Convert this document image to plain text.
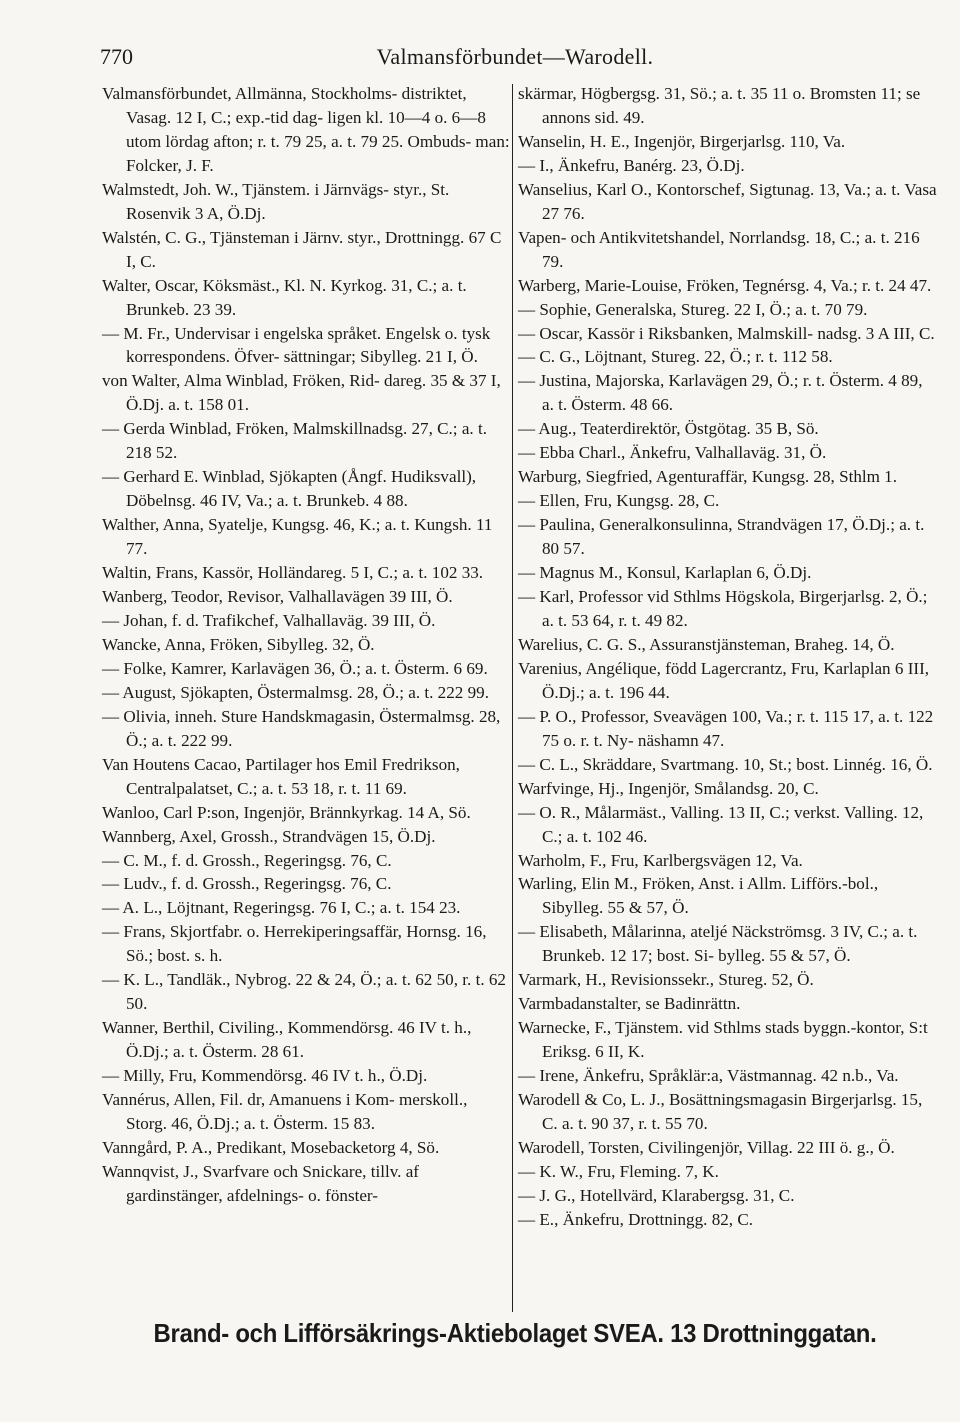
770	Valmansförbundet—Warodell.

Valmansförbundet, Allmänna, Stockholms- distriktet, Vasag. 12 I, C.; exp.-tid dag- ligen kl. 10—4 o. 6—8 utom lördag afton; r. t. 79 25, a. t. 79 25. Ombuds- man: Folcker, J. F.

Walmstedt, Joh. W., Tjänstem. i Järnvägs- styr., St. Rosenvik 3 A, Ö.Dj.

Walstén, C. G., Tjänsteman i Järnv. styr., Drottningg. 67 C I, C.

Walter, Oscar, Köksmäst., Kl. N. Kyrkog. 31, C.; a. t. Brunkeb. 23 39.

— M. Fr., Undervisar i engelska språket. Engelsk o. tysk korrespondens. Öfver- sättningar; Sibylleg. 21 I, Ö.

von Walter, Alma Winblad, Fröken, Rid- dareg. 35 & 37 I, Ö.Dj. a. t. 158 01.

— Gerda Winblad, Fröken, Malmskillnadsg. 27, C.; a. t. 218 52.

— Gerhard E. Winblad, Sjökapten (Ångf. Hudiksvall), Döbelnsg. 46 IV, Va.; a. t. Brunkeb. 4 88.

Walther, Anna, Syatelje, Kungsg. 46, K.; a. t. Kungsh. 11 77.

Waltin, Frans, Kassör, Holländareg. 5 I, C.; a. t. 102 33.

Wanberg, Teodor, Revisor, Valhallavägen 39 III, Ö.

— Johan, f. d. Trafikchef, Valhallaväg. 39 III, Ö.

Wancke, Anna, Fröken, Sibylleg. 32, Ö.

— Folke, Kamrer, Karlavägen 36, Ö.; a. t. Österm. 6 69.

— August, Sjökapten, Östermalmsg. 28, Ö.; a. t. 222 99.

— Olivia, inneh. Sture Handskmagasin, Östermalmsg. 28, Ö.; a. t. 222 99.

Van Houtens Cacao, Partilager hos Emil Fredrikson, Centralpalatset, C.; a. t. 53 18, r. t. 11 69.

Wanloo, Carl P:son, Ingenjör, Brännkyrkag. 14 A, Sö.

Wannberg, Axel, Grossh., Strandvägen 15, Ö.Dj.

— C. M., f. d. Grossh., Regeringsg. 76, C.

— Ludv., f. d. Grossh., Regeringsg. 76, C.

— A. L., Löjtnant, Regeringsg. 76 I, C.; a. t. 154 23.

— Frans, Skjortfabr. o. Herrekiperingsaffär, Hornsg. 16, Sö.; bost. s. h.

— K. L., Tandläk., Nybrog. 22 & 24, Ö.; a. t. 62 50, r. t. 62 50.

Wanner, Berthil, Civiling., Kommendörsg. 46 IV t. h., Ö.Dj.; a. t. Österm. 28 61.

— Milly, Fru, Kommendörsg. 46 IV t. h., Ö.Dj.

Vannérus, Allen, Fil. dr, Amanuens i Kom- merskoll., Storg. 46, Ö.Dj.; a. t. Österm. 15 83.

Vanngård, P. A., Predikant, Mosebacketorg 4, Sö.

Wannqvist, J., Svarfvare och Snickare, tillv. af gardinstänger, afdelnings- o. fönster-

skärmar, Högbergsg. 31, Sö.; a. t. 35 11 o. Bromsten 11; se annons sid. 49.

Wanselin, H. E., Ingenjör, Birgerjarlsg. 110, Va.

— I., Änkefru, Banérg. 23, Ö.Dj.

Wanselius, Karl O., Kontorschef, Sigtunag. 13, Va.; a. t. Vasa 27 76.

Vapen- och Antikvitetshandel, Norrlandsg. 18, C.; a. t. 216 79.

Warberg, Marie-Louise, Fröken, Tegnérsg. 4, Va.; r. t. 24 47.

— Sophie, Generalska, Stureg. 22 I, Ö.; a. t. 70 79.

— Oscar, Kassör i Riksbanken, Malmskill- nadsg. 3 A III, C.

— C. G., Löjtnant, Stureg. 22, Ö.; r. t. 112 58.

— Justina, Majorska, Karlavägen 29, Ö.; r. t. Österm. 4 89, a. t. Österm. 48 66.

— Aug., Teaterdirektör, Östgötag. 35 B, Sö.

— Ebba Charl., Änkefru, Valhallaväg. 31, Ö.

Warburg, Siegfried, Agenturaffär, Kungsg. 28, Sthlm 1.

— Ellen, Fru, Kungsg. 28, C.

— Paulina, Generalkonsulinna, Strandvägen 17, Ö.Dj.; a. t. 80 57.

— Magnus M., Konsul, Karlaplan 6, Ö.Dj.

— Karl, Professor vid Sthlms Högskola, Birgerjarlsg. 2, Ö.; a. t. 53 64, r. t. 49 82.

Warelius, C. G. S., Assuranstjänsteman, Braheg. 14, Ö.

Varenius, Angélique, född Lagercrantz, Fru, Karlaplan 6 III, Ö.Dj.; a. t. 196 44.

— P. O., Professor, Sveavägen 100, Va.; r. t. 115 17, a. t. 122 75 o. r. t. Ny- näshamn 47.

— C. L., Skräddare, Svartmang. 10, St.; bost. Linnég. 16, Ö.

Warfvinge, Hj., Ingenjör, Smålandsg. 20, C.

— O. R., Målarmäst., Valling. 13 II, C.; verkst. Valling. 12, C.; a. t. 102 46.

Warholm, F., Fru, Karlbergsvägen 12, Va.

Warling, Elin M., Fröken, Anst. i Allm. Lifförs.-bol., Sibylleg. 55 & 57, Ö.

— Elisabeth, Målarinna, ateljé Näckströmsg. 3 IV, C.; a. t. Brunkeb. 12 17; bost. Si- bylleg. 55 & 57, Ö.

Varmark, H., Revisionssekr., Stureg. 52, Ö.

Varmbadanstalter, se Badinrättn.

Warnecke, F., Tjänstem. vid Sthlms stads byggn.-kontor, S:t Eriksg. 6 II, K.

— Irene, Änkefru, Språklär:a, Västmannag. 42 n.b., Va.

Warodell & Co, L. J., Bosättningsmagasin Birgerjarlsg. 15, C. a. t. 90 37, r. t. 55 70.

Warodell, Torsten, Civilingenjör, Villag. 22 III ö. g., Ö.

— K. W., Fru, Fleming. 7, K.

— J. G., Hotellvärd, Klarabergsg. 31, C.

— E., Änkefru, Drottningg. 82, C.

Brand- och Lifförsäkrings-Aktiebolaget SVEA. 13 Drottninggatan.
